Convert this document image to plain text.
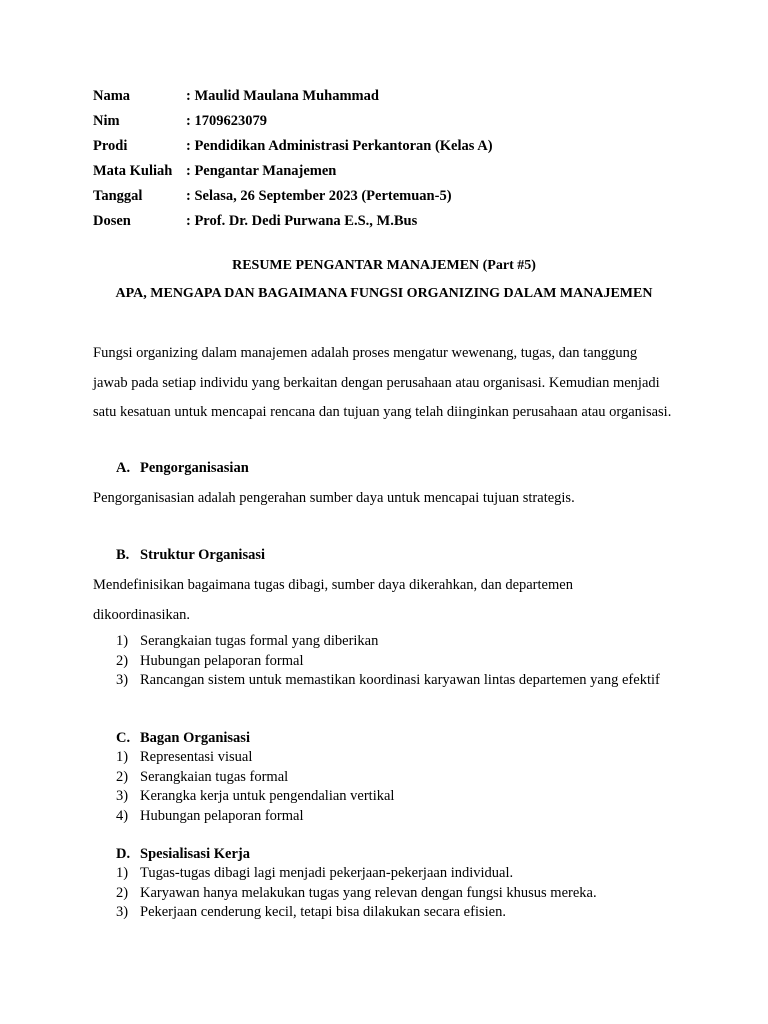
Nama	: Maulid Maulana Muhammad
Nim	: 1709623079
Prodi	: Pendidikan Administrasi Perkantoran (Kelas A)
Mata Kuliah : Pengantar Manajemen
Tanggal	: Selasa, 26 September 2023 (Pertemuan-5)
Dosen	: Prof. Dr. Dedi Purwana E.S., M.Bus
RESUME PENGANTAR MANAJEMEN (Part #5)
APA, MENGAPA DAN BAGAIMANA FUNGSI ORGANIZING DALAM MANAJEMEN

Fungsi organizing dalam manajemen adalah proses mengatur wewenang, tugas, dan tanggung jawab pada setiap individu yang berkaitan dengan perusahaan atau organisasi. Kemudian menjadi satu kesatuan untuk mencapai rencana dan tujuan yang telah diinginkan perusahaan atau organisasi.

A. Pengorganisasian

Pengorganisasian adalah pengerahan sumber daya untuk mencapai tujuan strategis.

B. Struktur Organisasi

Mendefinisikan bagaimana tugas dibagi, sumber daya dikerahkan, dan departemen dikoordinasikan.

1) Serangkaian tugas formal yang diberikan
2) Hubungan pelaporan formal
3) Rancangan sistem untuk memastikan koordinasi karyawan lintas departemen yang efektif
C. Bagan Organisasi
1) Representasi visual
2) Serangkaian tugas formal
3) Kerangka kerja untuk pengendalian vertikal
4) Hubungan pelaporan formal
D. Spesialisasi Kerja
1) Tugas-tugas dibagi lagi menjadi pekerjaan-pekerjaan individual.
2) Karyawan hanya melakukan tugas yang relevan dengan fungsi khusus mereka.
3) Pekerjaan cenderung kecil, tetapi bisa dilakukan secara efisien.
